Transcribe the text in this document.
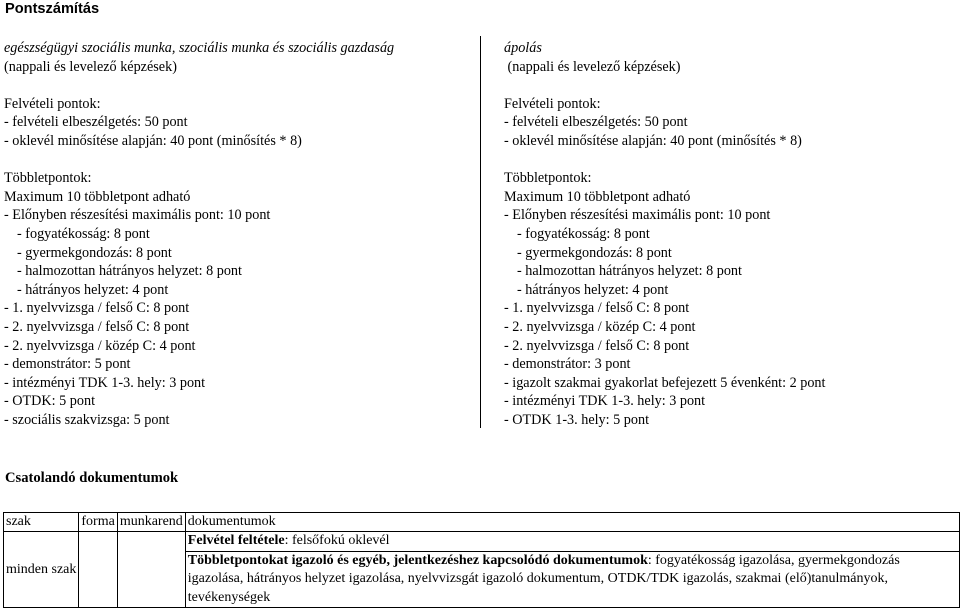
Pontszámítás
egészségügyi szociális munka, szociális munka és szociális gazdaság
(nappali és levelező képzések)
Felvételi pontok:
- felvételi elbeszélgetés: 50 pont
- oklevél minősítése alapján: 40 pont (minősítés * 8)
Többletpontok:
Maximum 10 többletpont adható
- Előnyben részesítési maximális pont: 10 pont
- fogyatékosság: 8 pont
- gyermekgondozás: 8 pont
- halmozottan hátrányos helyzet: 8 pont
- hátrányos helyzet: 4 pont
- 1. nyelvvizsga / felső C: 8 pont
- 2. nyelvvizsga / felső C: 8 pont
- 2. nyelvvizsga / közép C: 4 pont
- demonstrátor: 5 pont
- intézményi TDK 1-3. hely: 3 pont
- OTDK: 5 pont
- szociális szakvizsga: 5 pont
ápolás
(nappali és levelező képzések)
Felvételi pontok:
- felvételi elbeszélgetés: 50 pont
- oklevél minősítése alapján: 40 pont (minősítés * 8)
Többletpontok:
Maximum 10 többletpont adható
- Előnyben részesítési maximális pont: 10 pont
- fogyatékosság: 8 pont
- gyermekgondozás: 8 pont
- halmozottan hátrányos helyzet: 8 pont
- hátrányos helyzet: 4 pont
- 1. nyelvvizsga / felső C: 8 pont
- 2. nyelvvizsga / közép C: 4 pont
- 2. nyelvvizsga / felső C: 8 pont
- demonstrátor: 3 pont
- igazolt szakmai gyakorlat befejezett 5 évenként: 2 pont
- intézményi TDK 1-3. hely: 3 pont
- OTDK 1-3. hely: 5 pont
Csatolandó dokumentumok
szak	forma	munkarend	dokumentumok
minden szak			Felvétel feltétele: felsőfokú oklevél
			Többletpontokat igazoló és egyéb, jelentkezéshez kapcsolódó dokumentumok: fogyatékosság igazolása, gyermekgondozás igazolása, hátrányos helyzet igazolása, nyelvvizsgát igazoló dokumentum, OTDK/TDK igazolás, szakmai (elő)tanulmányok, tevékenységek
